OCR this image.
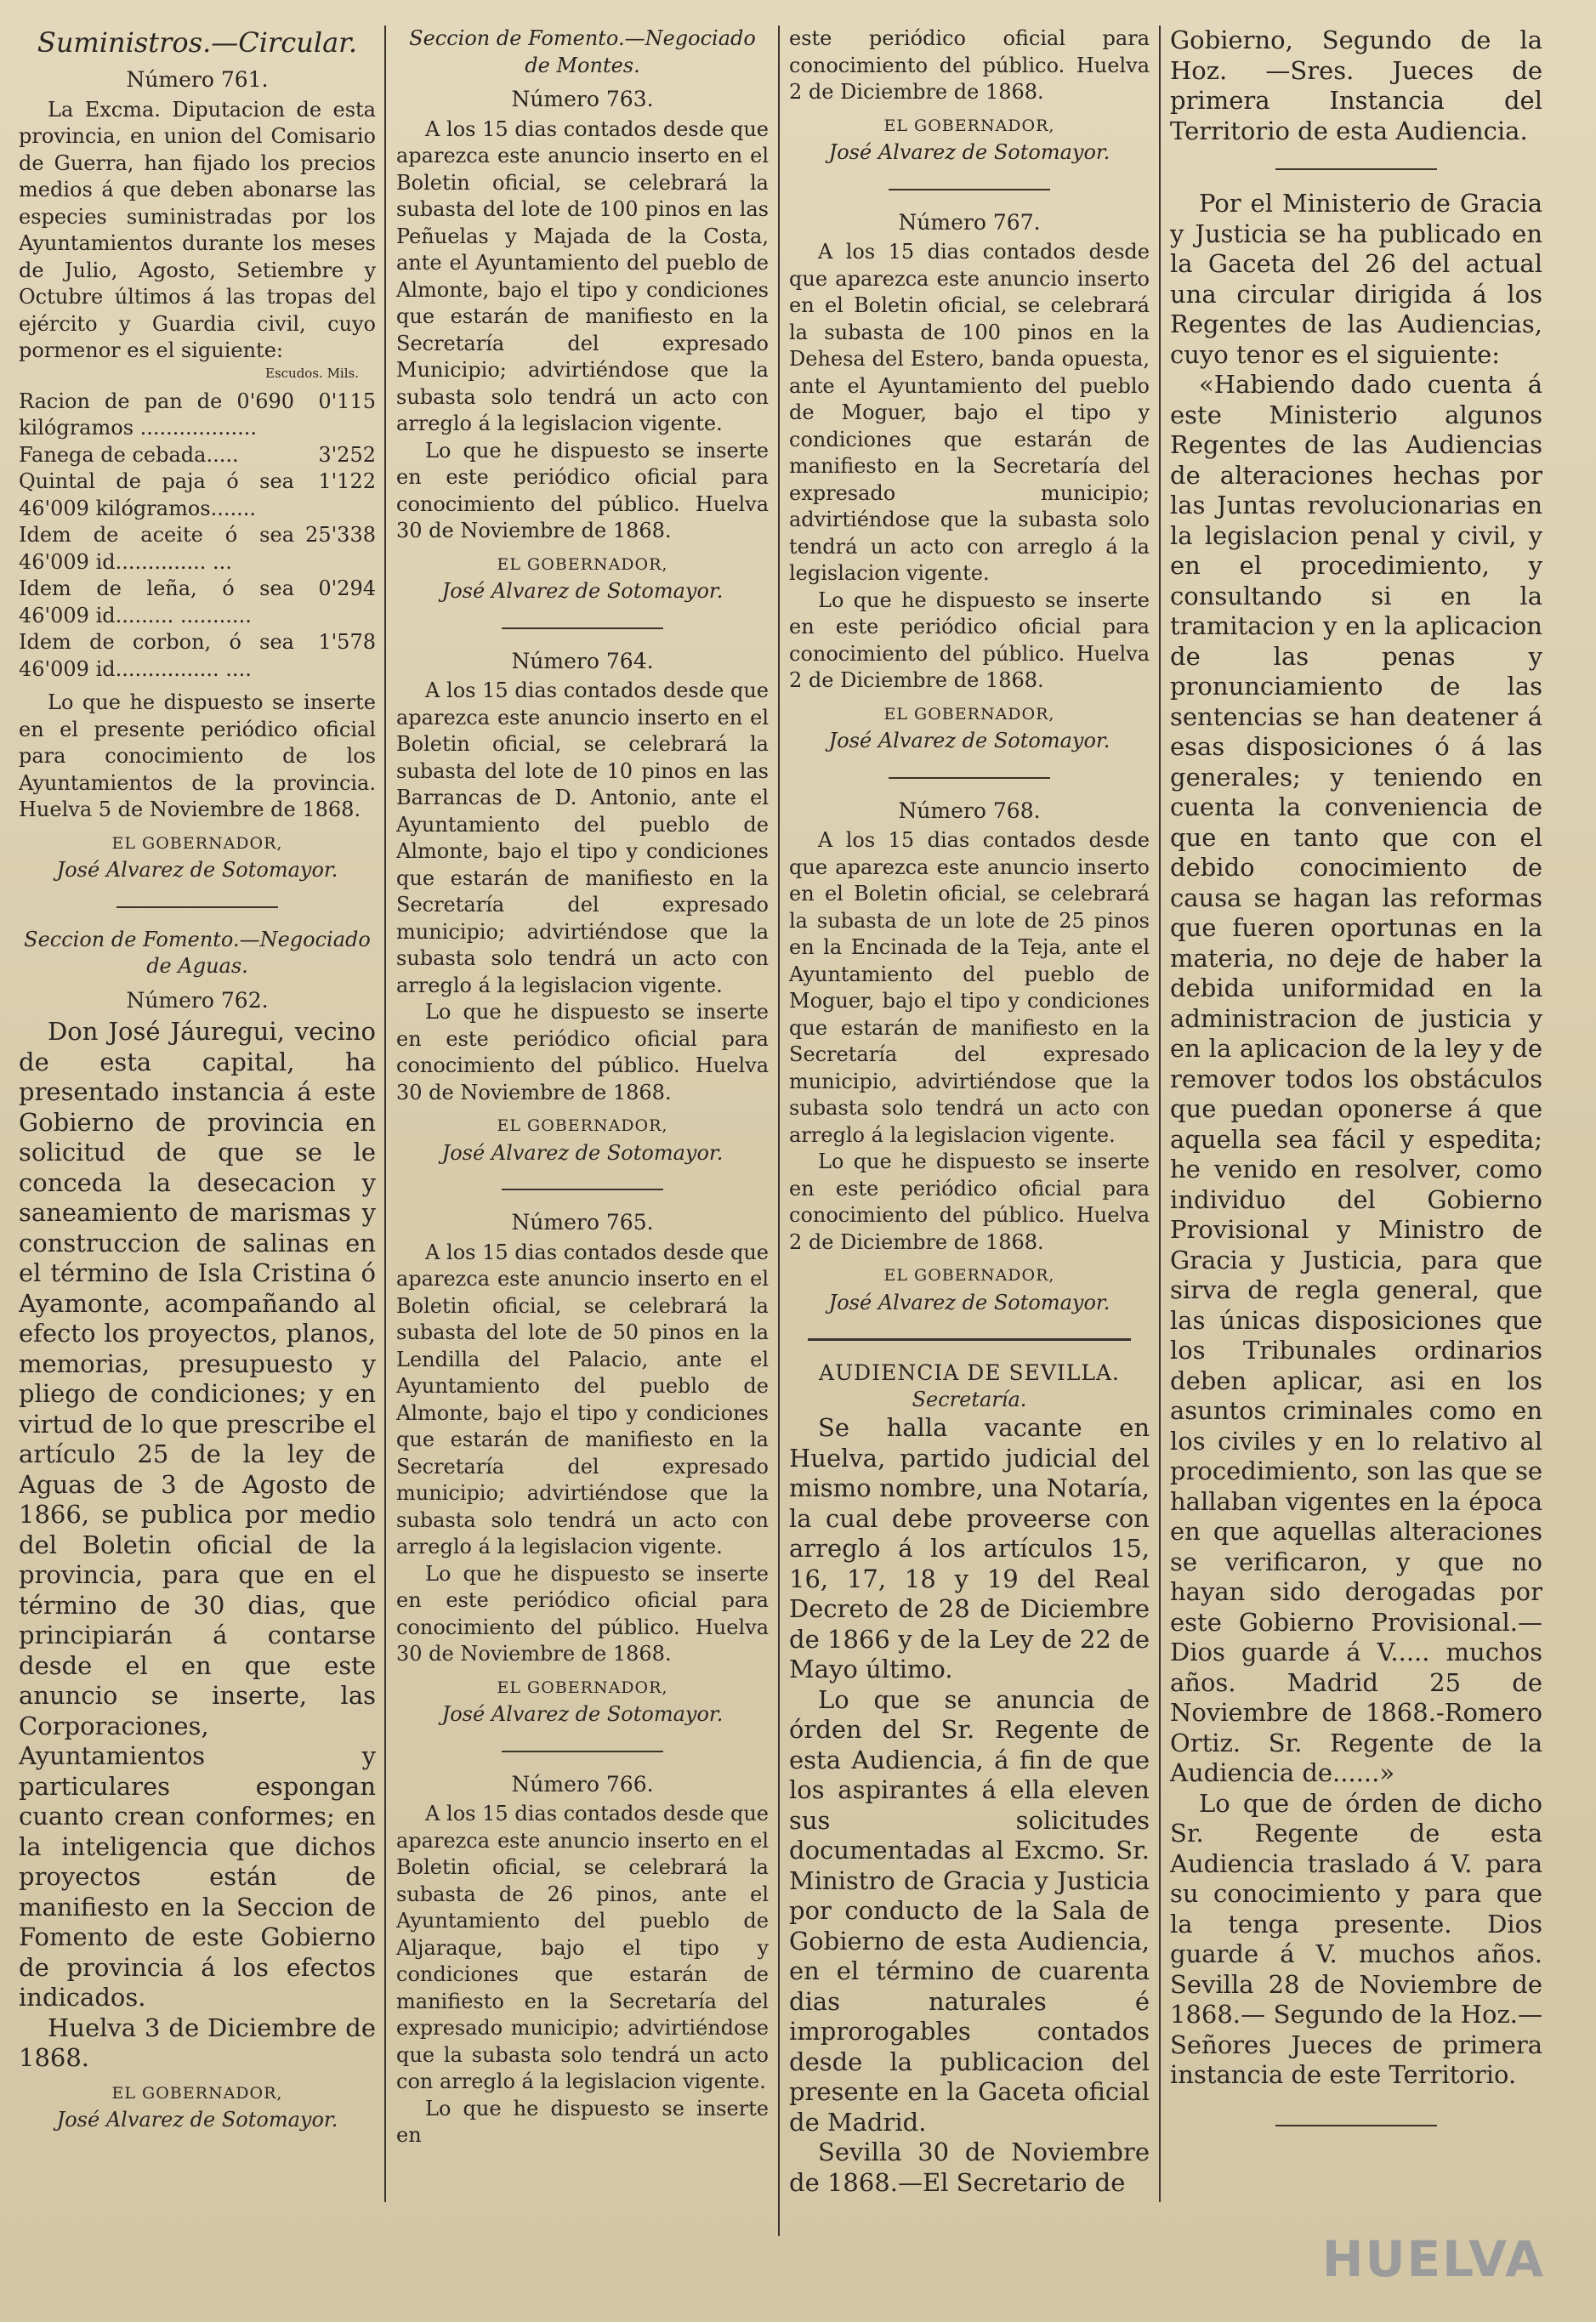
Suministros.—Circular.
Número 761.

La Excma. Diputacion de esta provincia, en union del Comisario de Guerra, han fijado los precios medios á que deben abonarse las especies suministradas por los Ayuntamientos durante los meses de Julio, Agosto, Setiembre y Octubre últimos á las tropas del ejército y Guardia civil, cuyo pormenor es el siguiente:

Escudos. Mils.
Racion de pan de 0'690 kilógramos ..................
0'115
Fanega de cebada.....	3'252
Quintal de paja ó sea 46'009 kilógramos.......
1'122
Idem de aceite ó sea 46'009 id.............. ...
25'338
Idem de leña, ó sea 46'009 id......... ...........
0'294
Idem de corbon, ó sea 46'009 id................ ....
1'578

Lo que he dispuesto se inserte en el presente periódico oficial para conocimiento de los Ayuntamientos de la provincia. Huelva 5 de Noviembre de 1868.

EL GOBERNADOR,
José Alvarez de Sotomayor.
Seccion de Fomento.—Negociado de Aguas.
Número 762.

Don José Jáuregui, vecino de esta capital, ha presentado instancia á este Gobierno de provincia en solicitud de que se le conceda la desecacion y saneamiento de marismas y construccion de salinas en el término de Isla Cristina ó Ayamonte, acompañando al efecto los proyectos, planos, memorias, presupuesto y pliego de condiciones; y en virtud de lo que prescribe el artículo 25 de la ley de Aguas de 3 de Agosto de 1866, se publica por medio del Boletin oficial de la provincia, para que en el término de 30 dias, que principiarán á contarse desde el en que este anuncio se inserte, las Corporaciones, Ayuntamientos y particulares espongan cuanto crean conformes; en la inteligencia que dichos proyectos están de manifiesto en la Seccion de Fomento de este Gobierno de provincia á los efectos indicados.

Huelva 3 de Diciembre de 1868.

EL GOBERNADOR,
José Alvarez de Sotomayor.
Seccion de Fomento.—Negociado de Montes.
Número 763.

A los 15 dias contados desde que aparezca este anuncio inserto en el Boletin oficial, se celebrará la subasta del lote de 100 pinos en las Peñuelas y Majada de la Costa, ante el Ayuntamiento del pueblo de Almonte, bajo el tipo y condiciones que estarán de manifiesto en la Secretaría del expresado Municipio; advirtiéndose que la subasta solo tendrá un acto con arreglo á la legislacion vigente.

Lo que he dispuesto se inserte en este periódico oficial para conocimiento del público. Huelva 30 de Noviembre de 1868.

EL GOBERNADOR,
José Alvarez de Sotomayor.
Número 764.

A los 15 dias contados desde que aparezca este anuncio inserto en el Boletin oficial, se celebrará la subasta del lote de 10 pinos en las Barrancas de D. Antonio, ante el Ayuntamiento del pueblo de Almonte, bajo el tipo y condiciones que estarán de manifiesto en la Secretaría del expresado municipio; advirtiéndose que la subasta solo tendrá un acto con arreglo á la legislacion vigente.

Lo que he dispuesto se inserte en este periódico oficial para conocimiento del público. Huelva 30 de Noviembre de 1868.

EL GOBERNADOR,
José Alvarez de Sotomayor.
Número 765.

A los 15 dias contados desde que aparezca este anuncio inserto en el Boletin oficial, se celebrará la subasta del lote de 50 pinos en la Lendilla del Palacio, ante el Ayuntamiento del pueblo de Almonte, bajo el tipo y condiciones que estarán de manifiesto en la Secretaría del expresado municipio; advirtiéndose que la subasta solo tendrá un acto con arreglo á la legislacion vigente.

Lo que he dispuesto se inserte en este periódico oficial para conocimiento del público. Huelva 30 de Noviembre de 1868.

EL GOBERNADOR,
José Alvarez de Sotomayor.
Número 766.

A los 15 dias contados desde que aparezca este anuncio inserto en el Boletin oficial, se celebrará la subasta de 26 pinos, ante el Ayuntamiento del pueblo de Aljaraque, bajo el tipo y condiciones que estarán de manifiesto en la Secretaría del expresado municipio; advirtiéndose que la subasta solo tendrá un acto con arreglo á la legislacion vigente.

Lo que he dispuesto se inserte en

este periódico oficial para conocimiento del público. Huelva 2 de Diciembre de 1868.

EL GOBERNADOR,
José Alvarez de Sotomayor.
Número 767.

A los 15 dias contados desde que aparezca este anuncio inserto en el Boletin oficial, se celebrará la subasta de 100 pinos en la Dehesa del Estero, banda opuesta, ante el Ayuntamiento del pueblo de Moguer, bajo el tipo y condiciones que estarán de manifiesto en la Secretaría del expresado municipio; advirtiéndose que la subasta solo tendrá un acto con arreglo á la legislacion vigente.

Lo que he dispuesto se inserte en este periódico oficial para conocimiento del público. Huelva 2 de Diciembre de 1868.

EL GOBERNADOR,
José Alvarez de Sotomayor.
Número 768.

A los 15 dias contados desde que aparezca este anuncio inserto en el Boletin oficial, se celebrará la subasta de un lote de 25 pinos en la Encinada de la Teja, ante el Ayuntamiento del pueblo de Moguer, bajo el tipo y condiciones que estarán de manifiesto en la Secretaría del expresado municipio, advirtiéndose que la subasta solo tendrá un acto con arreglo á la legislacion vigente.

Lo que he dispuesto se inserte en este periódico oficial para conocimiento del público. Huelva 2 de Diciembre de 1868.

EL GOBERNADOR,
José Alvarez de Sotomayor.
AUDIENCIA DE SEVILLA.
Secretaría.

Se halla vacante en Huelva, partido judicial del mismo nombre, una Notaría, la cual debe proveerse con arreglo á los artículos 15, 16, 17, 18 y 19 del Real Decreto de 28 de Diciembre de 1866 y de la Ley de 22 de Mayo último.

Lo que se anuncia de órden del Sr. Regente de esta Audiencia, á fin de que los aspirantes á ella eleven sus solicitudes documentadas al Excmo. Sr. Ministro de Gracia y Justicia por conducto de la Sala de Gobierno de esta Audiencia, en el término de cuarenta dias naturales é improrogables contados desde la publicacion del presente en la Gaceta oficial de Madrid.

Sevilla 30 de Noviembre de 1868.—El Secretario de

Gobierno, Segundo de la Hoz. —Sres. Jueces de primera Instancia del Territorio de esta Audiencia.

Por el Ministerio de Gracia y Justicia se ha publicado en la Gaceta del 26 del actual una circular dirigida á los Regentes de las Audiencias, cuyo tenor es el siguiente:

«Habiendo dado cuenta á este Ministerio algunos Regentes de las Audiencias de alteraciones hechas por las Juntas revolucionarias en la legislacion penal y civil, y en el procedimiento, y consultando si en la tramitacion y en la aplicacion de las penas y pronunciamiento de las sentencias se han deatener á esas disposiciones ó á las generales; y teniendo en cuenta la conveniencia de que en tanto que con el debido conocimiento de causa se hagan las reformas que fueren oportunas en la materia, no deje de haber la debida uniformidad en la administracion de justicia y en la aplicacion de la ley y de remover todos los obstáculos que puedan oponerse á que aquella sea fácil y espedita; he venido en resolver, como individuo del Gobierno Provisional y Ministro de Gracia y Justicia, para que sirva de regla general, que las únicas disposiciones que los Tribunales ordinarios deben aplicar, asi en los asuntos criminales como en los civiles y en lo relativo al procedimiento, son las que se hallaban vigentes en la época en que aquellas alteraciones se verificaron, y que no hayan sido derogadas por este Gobierno Provisional.—Dios guarde á V..... muchos años. Madrid 25 de Noviembre de 1868.-Romero Ortiz. Sr. Regente de la Audiencia de......»

Lo que de órden de dicho Sr. Regente de esta Audiencia traslado á V. para su conocimiento y para que la tenga presente. Dios guarde á V. muchos años. Sevilla 28 de Noviembre de 1868.— Segundo de la Hoz.—Señores Jueces de primera instancia de este Territorio.

HUELVA
